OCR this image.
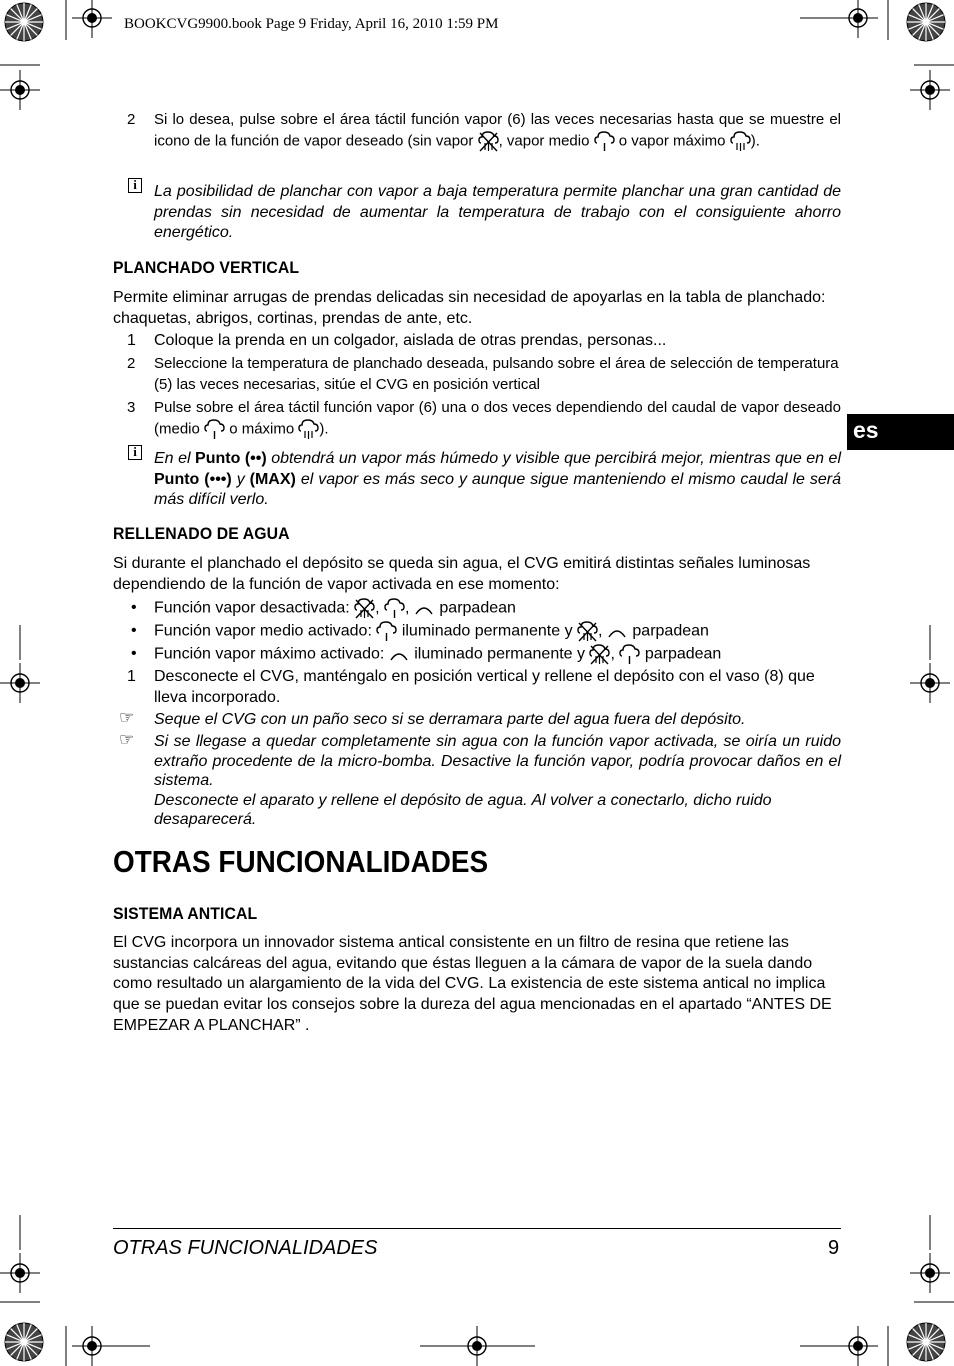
BOOKCVG9900.book Page 9 Friday, April 16, 2010 1:59 PM
2	Si lo desea, pulse sobre el área táctil función vapor (6) las veces necesarias hasta que se muestre el icono de la función de vapor deseado (sin vapor , vapor medio o vapor máximo ).
i	La posibilidad de planchar con vapor a baja temperatura permite planchar una gran cantidad de prendas sin necesidad de aumentar la temperatura de trabajo con el consiguiente ahorro energético.
PLANCHADO VERTICAL
Permite eliminar arrugas de prendas delicadas sin necesidad de apoyarlas en la tabla de planchado: chaquetas, abrigos, cortinas, prendas de ante, etc.
1	Coloque la prenda en un colgador, aislada de otras prendas, personas...
2	Seleccione la temperatura de planchado deseada, pulsando sobre el área de selección de temperatura (5) las veces necesarias, sitúe el CVG en posición vertical
3	Pulse sobre el área táctil función vapor (6) una o dos veces dependiendo del caudal de vapor deseado (medio o máximo ).
i	En el Punto (••) obtendrá un vapor más húmedo y visible que percibirá mejor, mientras que en el Punto (•••) y (MAX) el vapor es más seco y aunque sigue manteniendo el mismo caudal le será más difícil verlo.
RELLENADO DE AGUA
Si durante el planchado el depósito se queda sin agua, el CVG emitirá distintas señales luminosas dependiendo de la función de vapor activada en ese momento:
• Función vapor desactivada: , , parpadean
• Función vapor medio activado: iluminado permanente y , parpadean
• Función vapor máximo activado: iluminado permanente y , parpadean
1	Desconecte el CVG, manténgalo en posición vertical y rellene el depósito con el vaso (8) que lleva incorporado.
☞ Seque el CVG con un paño seco si se derramara parte del agua fuera del depósito.
☞ Si se llegase a quedar completamente sin agua con la función vapor activada, se oiría un ruido extraño procedente de la micro-bomba. Desactive la función vapor, podría provocar daños en el sistema.
Desconecte el aparato y rellene el depósito de agua. Al volver a conectarlo, dicho ruido desaparecerá.
OTRAS FUNCIONALIDADES
SISTEMA ANTICAL
El CVG incorpora un innovador sistema antical consistente en un filtro de resina que retiene las sustancias calcáreas del agua, evitando que éstas lleguen a la cámara de vapor de la suela dando como resultado un alargamiento de la vida del CVG. La existencia de este sistema antical no implica que se puedan evitar los consejos sobre la dureza del agua mencionadas en el apartado “ANTES DE EMPEZAR A PLANCHAR” .
es
OTRAS FUNCIONALIDADES	9
